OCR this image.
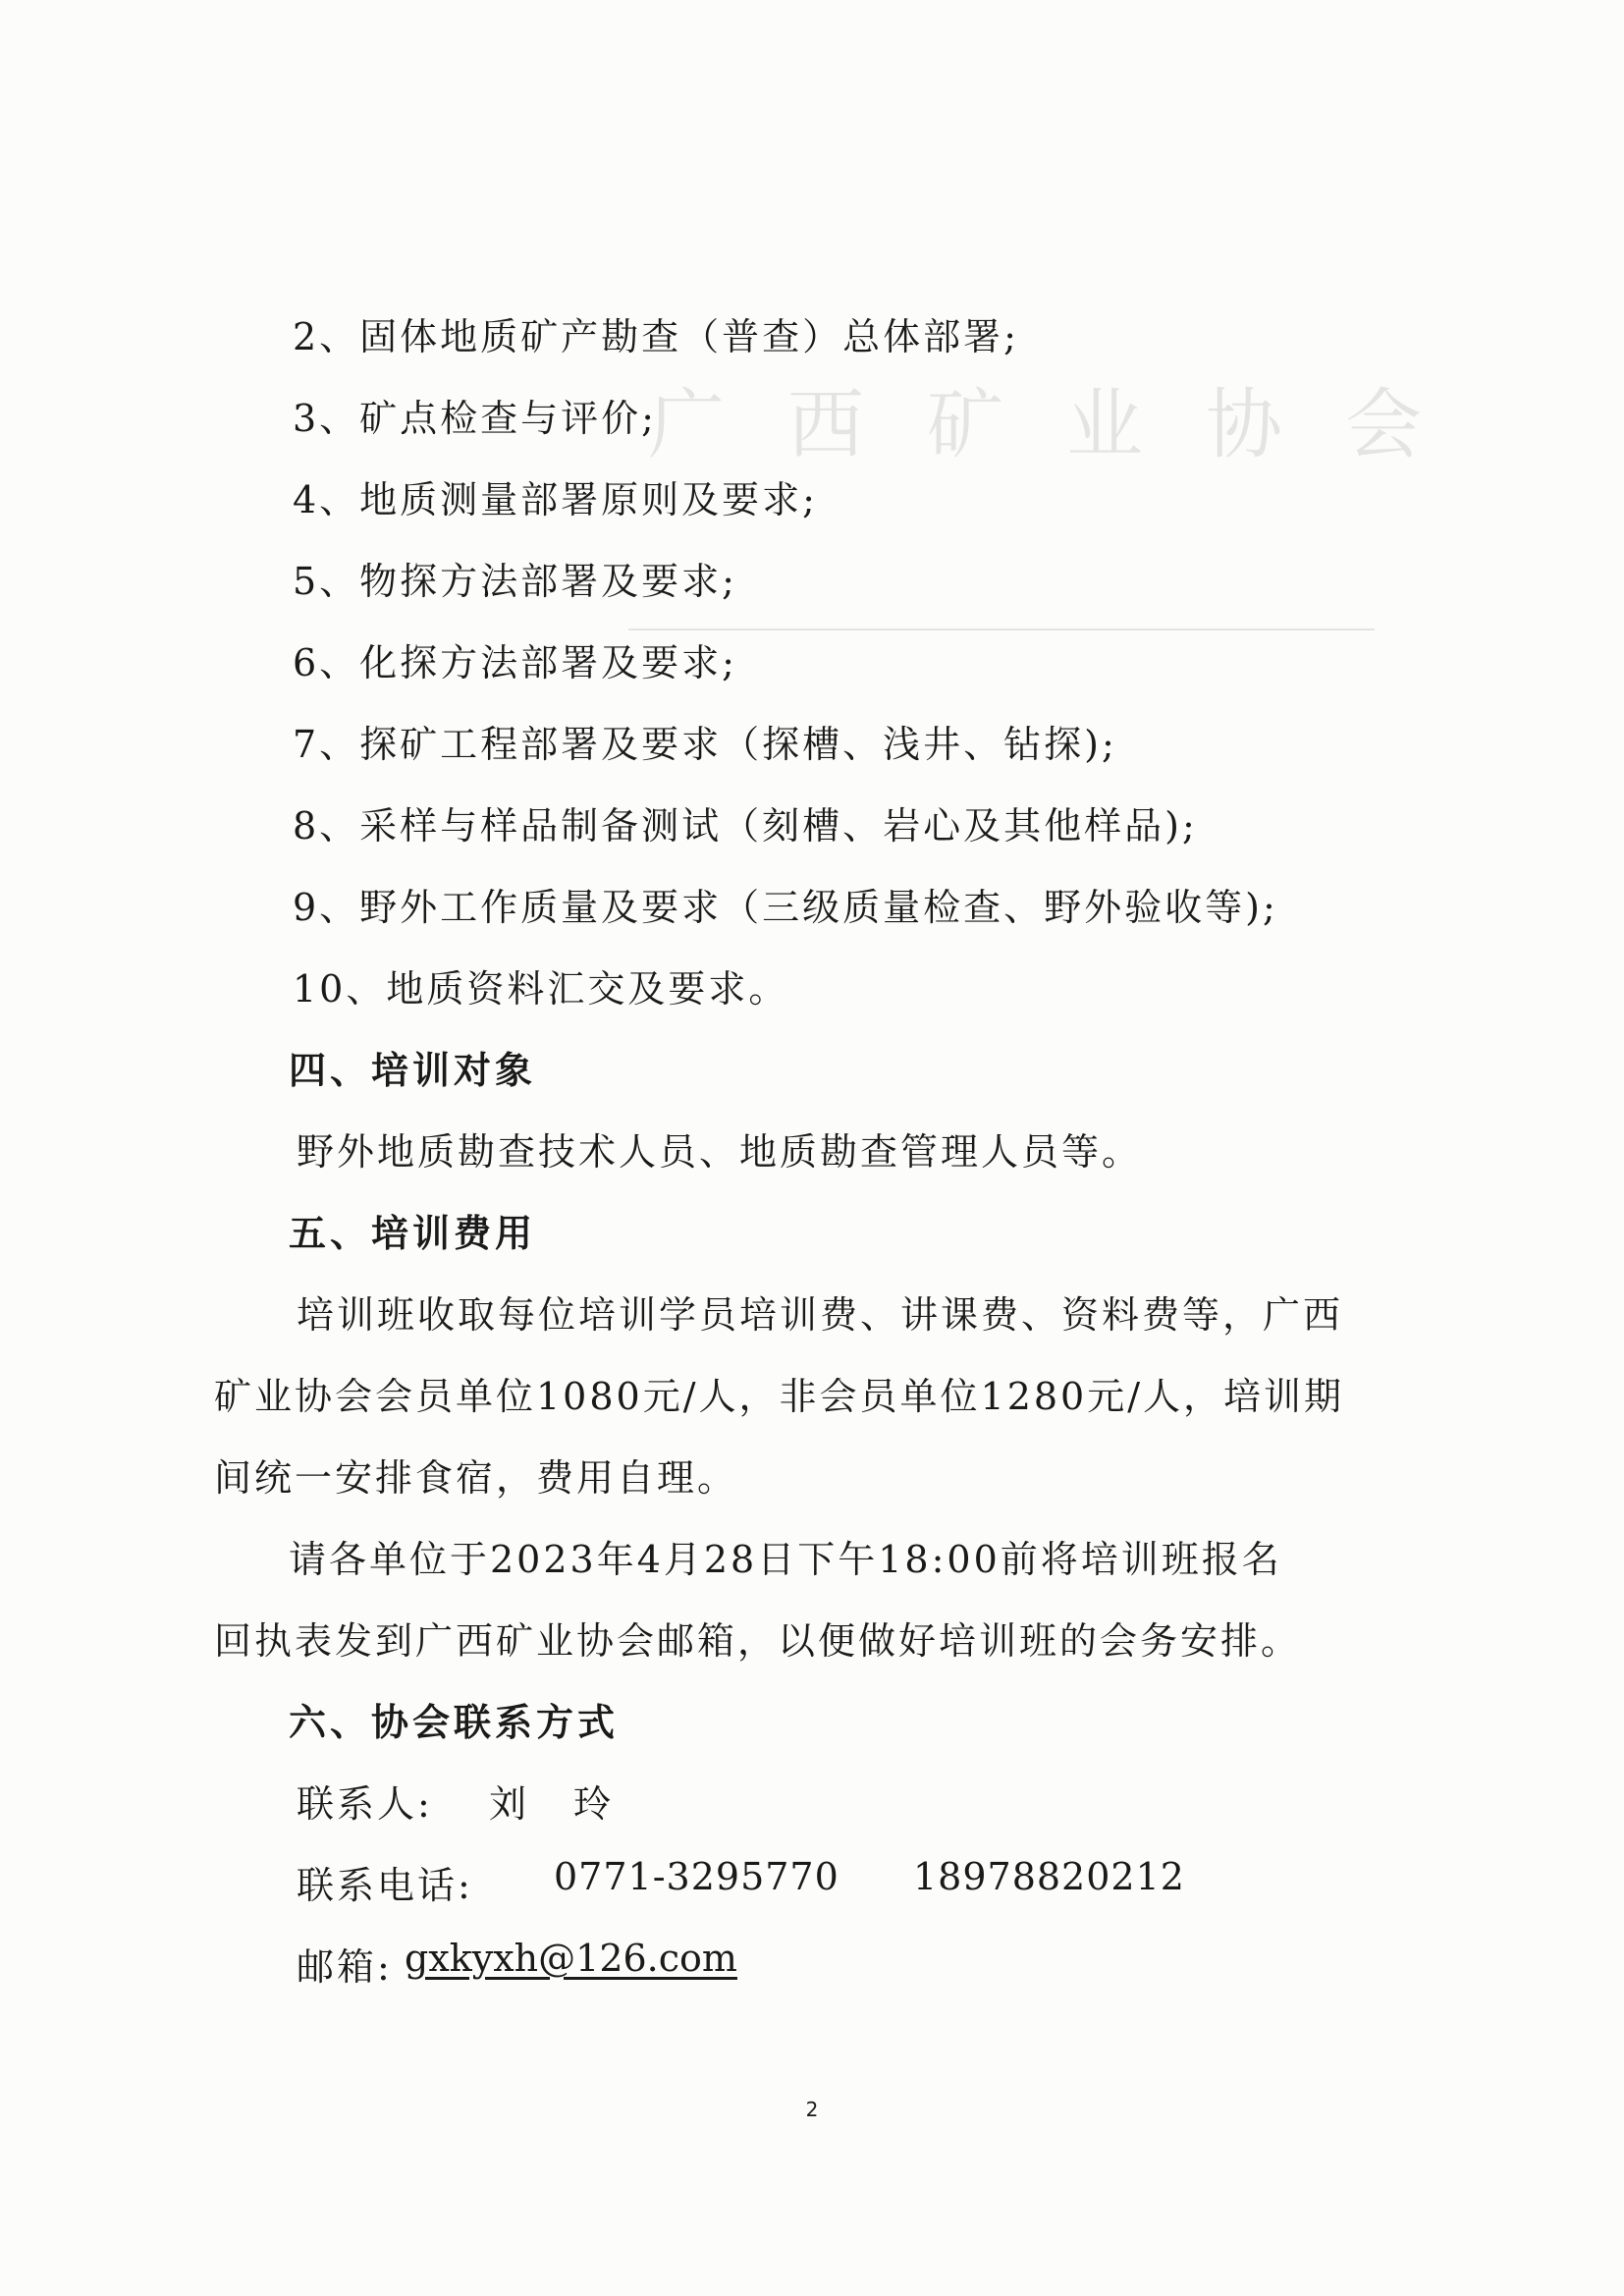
广西矿业协会
2、固体地质矿产勘查（普查）总体部署;
3、矿点检查与评价;
4、地质测量部署原则及要求;
5、物探方法部署及要求;
6、化探方法部署及要求;
7、探矿工程部署及要求（探槽、浅井、钻探);
8、采样与样品制备测试（刻槽、岩心及其他样品);
9、野外工作质量及要求（三级质量检查、野外验收等);
10、地质资料汇交及要求。
四、培训对象
野外地质勘查技术人员、地质勘查管理人员等。
五、培训费用
培训班收取每位培训学员培训费、讲课费、资料费等，广西
矿业协会会员单位1080元/人，非会员单位1280元/人，培训期
间统一安排食宿，费用自理。
请各单位于2023年4月28日下午18:00前将培训班报名
回执表发到广西矿业协会邮箱，以便做好培训班的会务安排。
六、协会联系方式
联系人: 刘 玲
联系电话: 0771-3295770 18978820212
邮箱: gxkyxh@126.com
2
